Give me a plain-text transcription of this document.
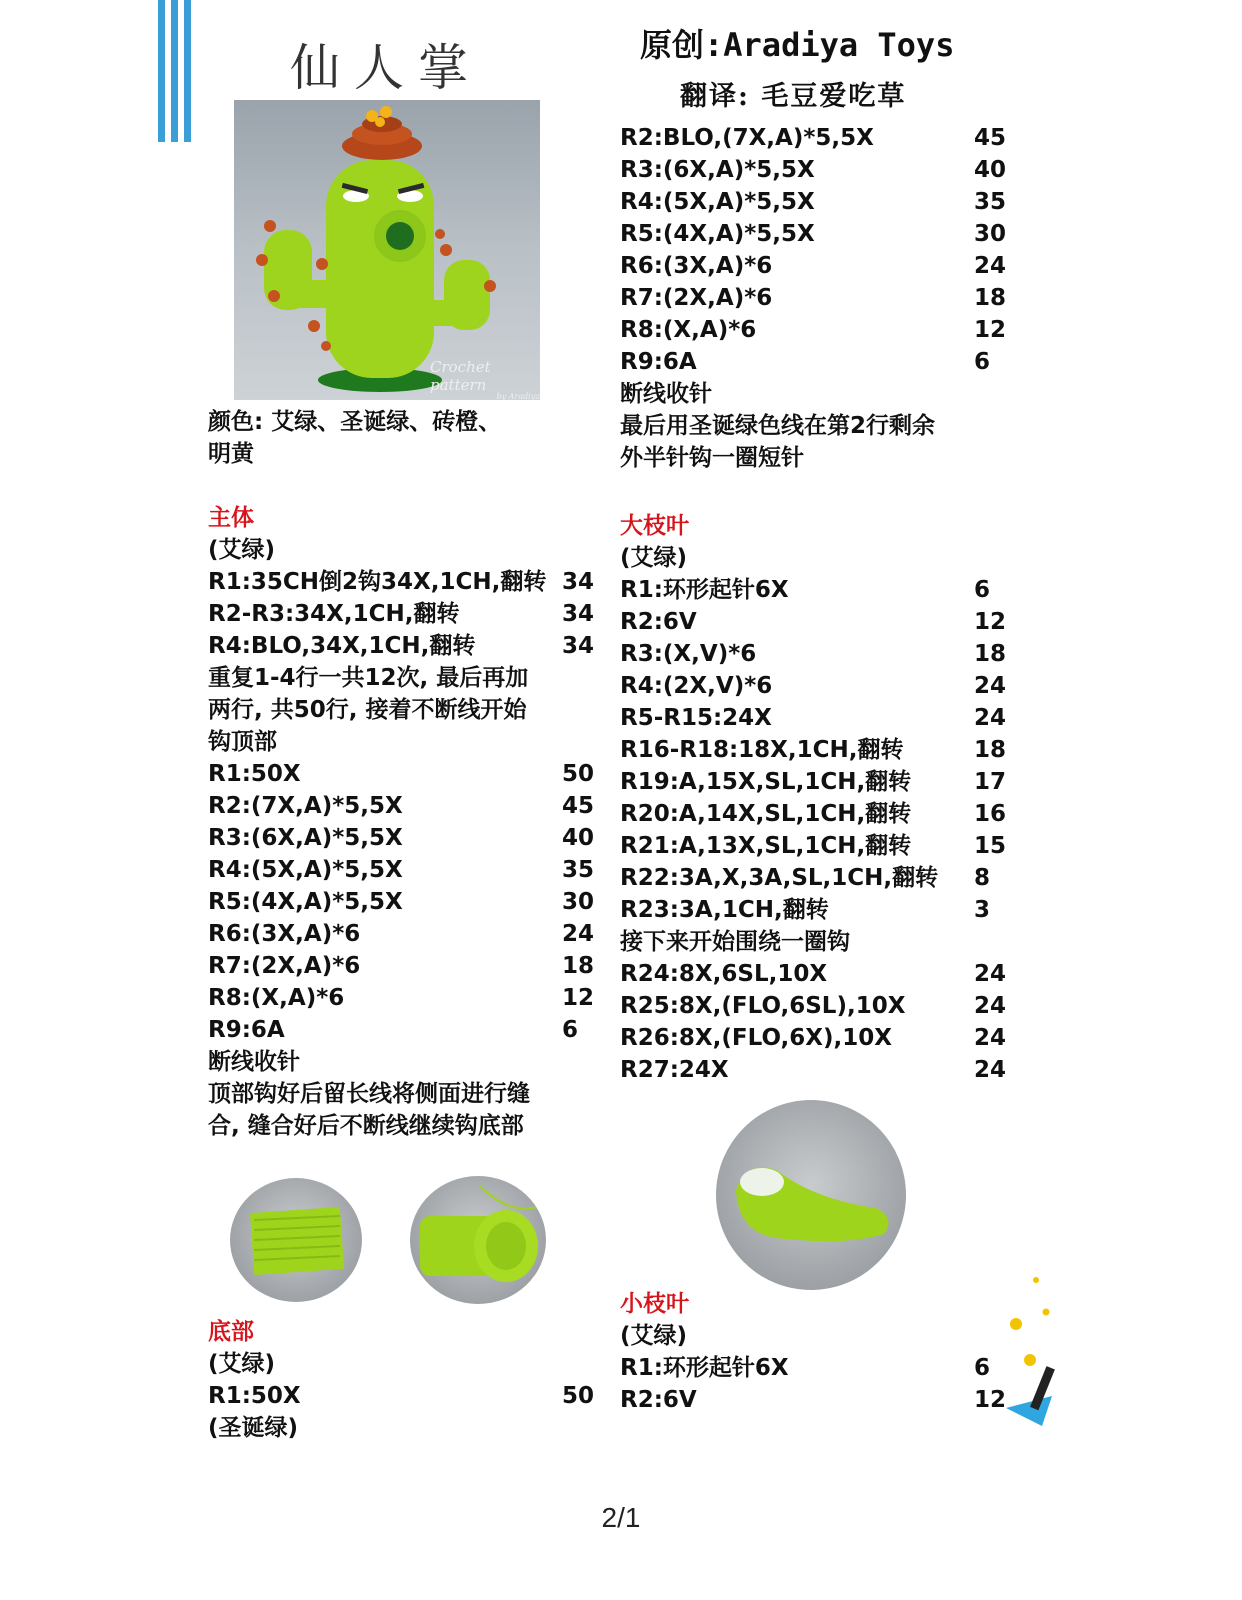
仙人掌	原创:Aradiya Toys
翻译: 毛豆爱吃草
Crochet pattern
by Aradiya
颜色: 艾绿、圣诞绿、砖橙、
明黄
主体
(艾绿)
R1:35CH倒2钩34X,1CH,翻转 34
R2-R3:34X,1CH,翻转	34
R4:BLO,34X,1CH,翻转	34
重复1-4行一共12次, 最后再加
两行, 共50行, 接着不断线开始
钩顶部
R1:50X	50
R2:(7X,A)*5,5X	45
R3:(6X,A)*5,5X	40
R4:(5X,A)*5,5X	35
R5:(4X,A)*5,5X	30
R6:(3X,A)*6	24
R7:(2X,A)*6	18
R8:(X,A)*6	12
R9:6A	6
断线收针
顶部钩好后留长线将侧面进行缝
合, 缝合好后不断线继续钩底部
底部
(艾绿)
R1:50X	50
(圣诞绿)
R2:BLO,(7X,A)*5,5X	45
R3:(6X,A)*5,5X	40
R4:(5X,A)*5,5X	35
R5:(4X,A)*5,5X	30
R6:(3X,A)*6	24
R7:(2X,A)*6	18
R8:(X,A)*6	12
R9:6A	6
断线收针
最后用圣诞绿色线在第2行剩余
外半针钩一圈短针
大枝叶
(艾绿)
R1:环形起针6X	6
R2:6V	12
R3:(X,V)*6	18
R4:(2X,V)*6	24
R5-R15:24X	24
R16-R18:18X,1CH,翻转	18
R19:A,15X,SL,1CH,翻转	17
R20:A,14X,SL,1CH,翻转	16
R21:A,13X,SL,1CH,翻转	15
R22:3A,X,3A,SL,1CH,翻转 8
R23:3A,1CH,翻转	3
接下来开始围绕一圈钩
R24:8X,6SL,10X	24
R25:8X,(FLO,6SL),10X	24
R26:8X,(FLO,6X),10X	24
R27:24X	24
小枝叶
(艾绿)
R1:环形起针6X	6
R2:6V	12
2/1
